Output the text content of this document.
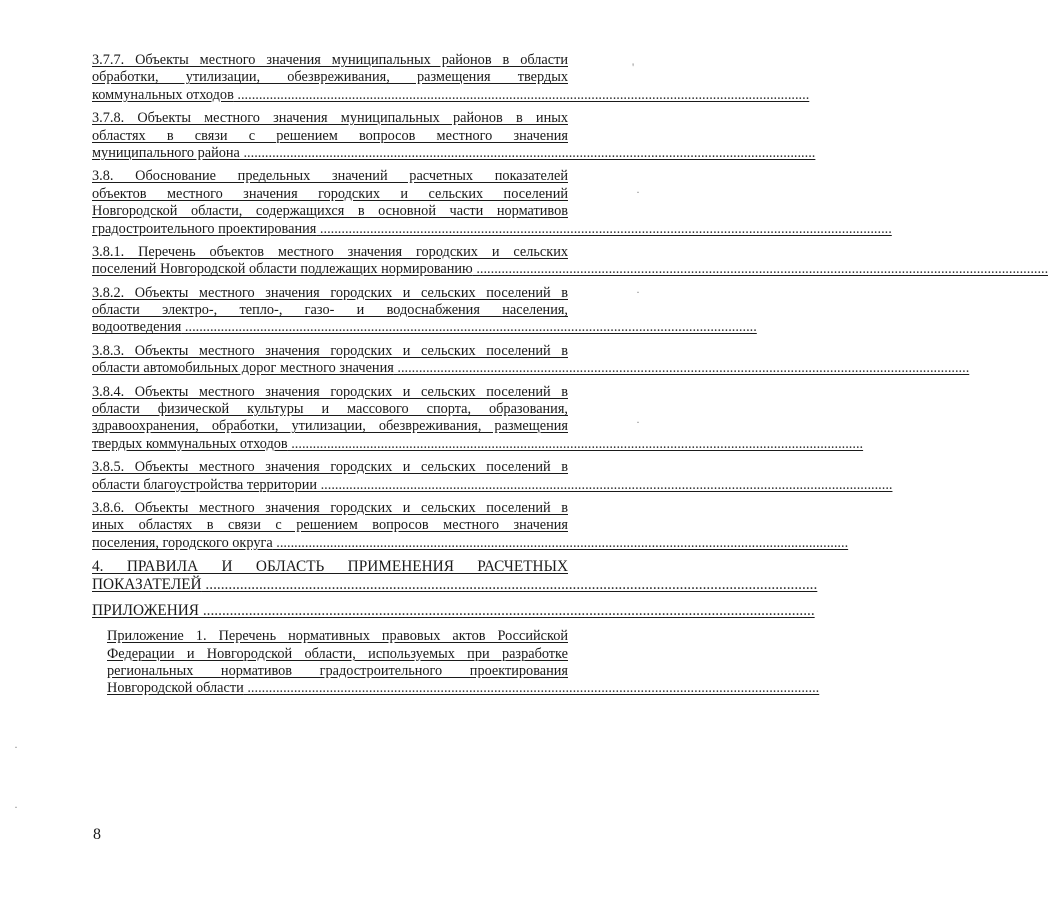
3.7.7. Объекты местного значения муниципальных районов в области
обработки, утилизации, обезвреживания, размещения твердых
коммунальных отходов ................................................................................................................................................................
3.7.8. Объекты местного значения муниципальных районов в иных
областях в связи с решением вопросов местного значения
муниципального района ................................................................................................................................................................
3.8. Обоснование предельных значений расчетных показателей
объектов местного значения городских и сельских поселений
Новгородской области, содержащихся в основной части нормативов
градостроительного проектирования ................................................................................................................................................................
3.8.1. Перечень объектов местного значения городских и сельских
поселений Новгородской области подлежащих нормированию ................................................................................................................................................................
3.8.2. Объекты местного значения городских и сельских поселений в
области электро-, тепло-, газо- и водоснабжения населения,
водоотведения ................................................................................................................................................................
3.8.3. Объекты местного значения городских и сельских поселений в
области автомобильных дорог местного значения ................................................................................................................................................................
3.8.4. Объекты местного значения городских и сельских поселений в
области физической культуры и массового спорта, образования,
здравоохранения, обработки, утилизации, обезвреживания, размещения
твердых коммунальных отходов ................................................................................................................................................................
3.8.5. Объекты местного значения городских и сельских поселений в
области благоустройства территории ................................................................................................................................................................
3.8.6. Объекты местного значения городских и сельских поселений в
иных областях в связи с решением вопросов местного значения
поселения, городского округа ................................................................................................................................................................
4. ПРАВИЛА И ОБЛАСТЬ ПРИМЕНЕНИЯ РАСЧЕТНЫХ
ПОКАЗАТЕЛЕЙ ................................................................................................................................................................
ПРИЛОЖЕНИЯ ................................................................................................................................................................
Приложение 1. Перечень нормативных правовых актов Российской
Федерации и Новгородской области, используемых при разработке
региональных нормативов градостроительного проектирования
Новгородской области ................................................................................................................................................................
8
'
·
·
·
·
·
